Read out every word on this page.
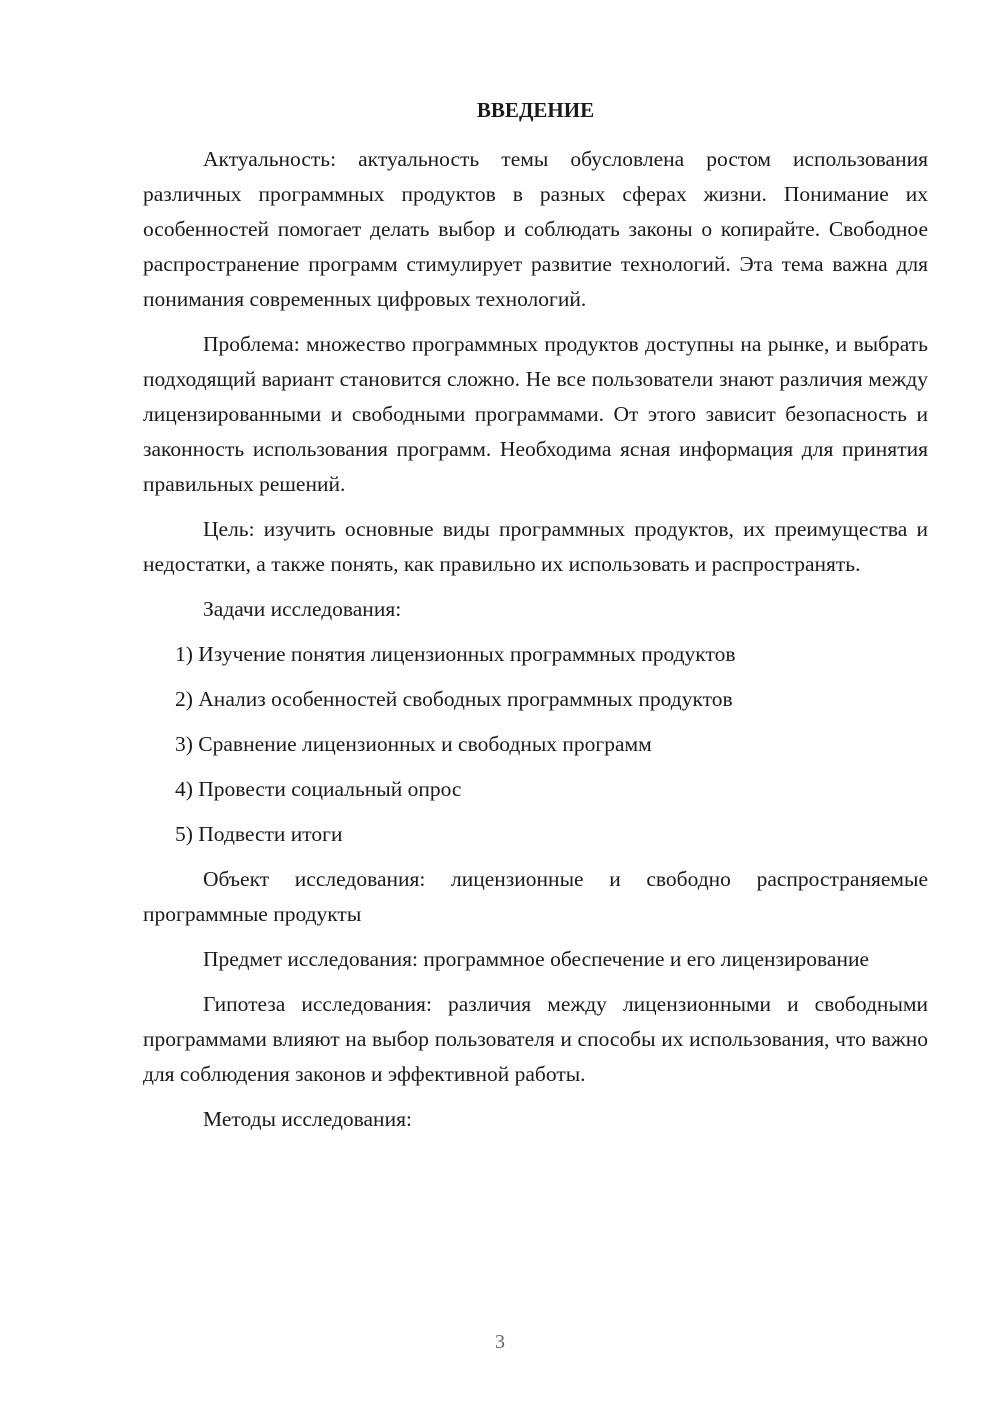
ВВЕДЕНИЕ

Актуальность: актуальность темы обусловлена ростом использования различных программных продуктов в разных сферах жизни. Понимание их особенностей помогает делать выбор и соблюдать законы о копирайте. Свободное распространение программ стимулирует развитие технологий. Эта тема важна для понимания современных цифровых технологий.

Проблема: множество программных продуктов доступны на рынке, и выбрать подходящий вариант становится сложно. Не все пользователи знают различия между лицензированными и свободными программами. От этого зависит безопасность и законность использования программ. Необходима ясная информация для принятия правильных решений.

Цель: изучить основные виды программных продуктов, их преимущества и недостатки, а также понять, как правильно их использовать и распространять.

Задачи исследования:

1) Изучение понятия лицензионных программных продуктов

2) Анализ особенностей свободных программных продуктов

3) Сравнение лицензионных и свободных программ

4) Провести социальный опрос

5) Подвести итоги

Объект исследования: лицензионные и свободно распространяемые программные продукты

Предмет исследования: программное обеспечение и его лицензирование

Гипотеза исследования: различия между лицензионными и свободными программами влияют на выбор пользователя и способы их использования, что важно для соблюдения законов и эффективной работы.

Методы исследования:

3
